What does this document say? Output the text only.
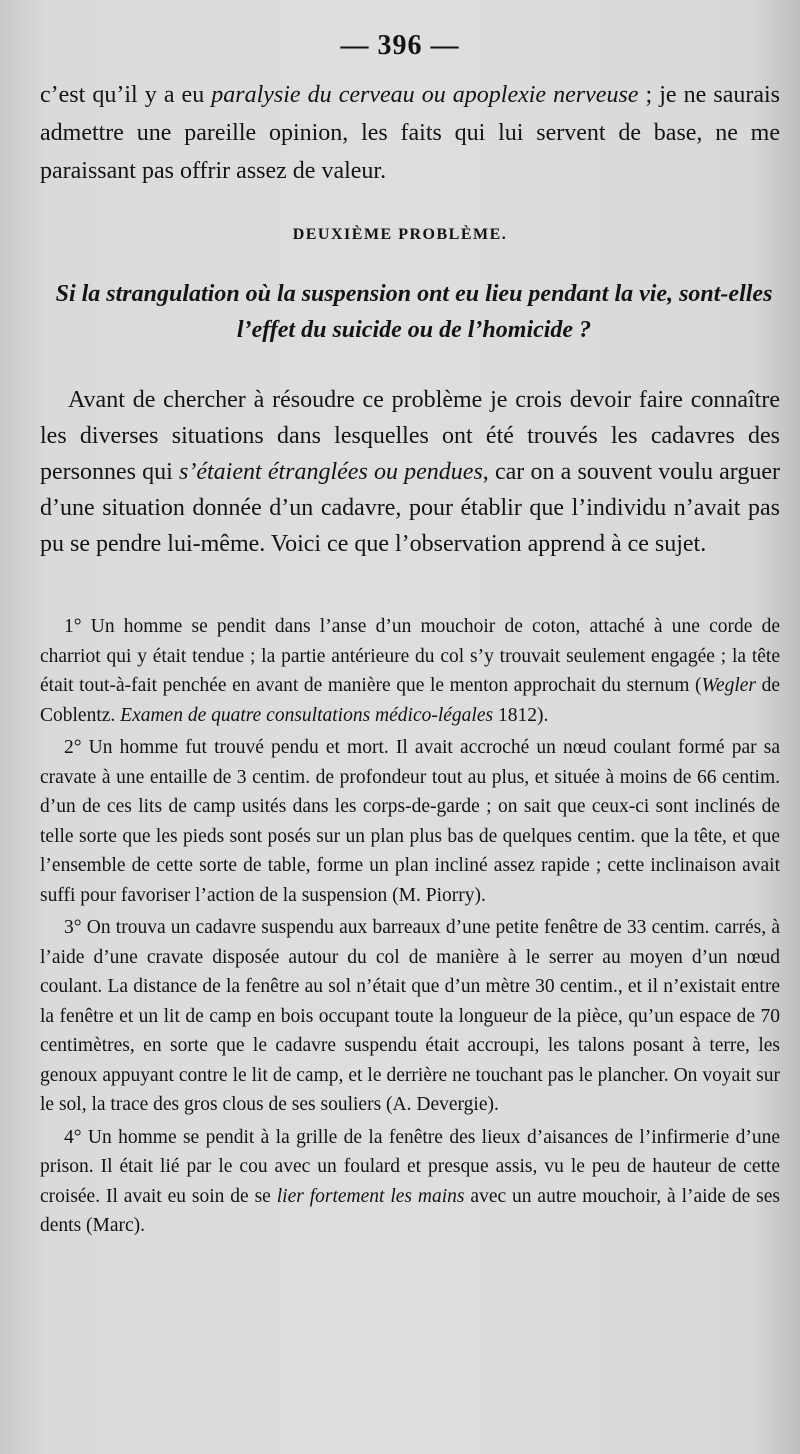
— 396 —
c’est qu’il y a eu paralysie du cerveau ou apoplexie nerveuse ; je ne saurais admettre une pareille opinion, les faits qui lui servent de base, ne me paraissant pas offrir assez de valeur.
DEUXIÈME PROBLÈME.
Si la strangulation où la suspension ont eu lieu pendant la vie, sont-elles l’effet du suicide ou de l’homicide ?

Avant de chercher à résoudre ce problème je crois devoir faire connaître les diverses situations dans lesquelles ont été trouvés les cadavres des personnes qui s’étaient étranglées ou pendues, car on a souvent voulu arguer d’une situation donnée d’un cadavre, pour établir que l’individu n’avait pas pu se pendre lui-même. Voici ce que l’observation apprend à ce sujet.

1° Un homme se pendit dans l’anse d’un mouchoir de coton, attaché à une corde de charriot qui y était tendue ; la partie antérieure du col s’y trouvait seulement engagée ; la tête était tout-à-fait penchée en avant de manière que le menton approchait du sternum (Wegler de Coblentz. Examen de quatre consultations médico-légales 1812).

2° Un homme fut trouvé pendu et mort. Il avait accroché un nœud coulant formé par sa cravate à une entaille de 3 centim. de profondeur tout au plus, et située à moins de 66 centim. d’un de ces lits de camp usités dans les corps-de-garde ; on sait que ceux-ci sont inclinés de telle sorte que les pieds sont posés sur un plan plus bas de quelques centim. que la tête, et que l’ensemble de cette sorte de table, forme un plan incliné assez rapide ; cette inclinaison avait suffi pour favoriser l’action de la suspension (M. Piorry).

3° On trouva un cadavre suspendu aux barreaux d’une petite fenêtre de 33 centim. carrés, à l’aide d’une cravate disposée autour du col de manière à le serrer au moyen d’un nœud coulant. La distance de la fenêtre au sol n’était que d’un mètre 30 centim., et il n’existait entre la fenêtre et un lit de camp en bois occupant toute la longueur de la pièce, qu’un espace de 70 centimètres, en sorte que le cadavre suspendu était accroupi, les talons posant à terre, les genoux appuyant contre le lit de camp, et le derrière ne touchant pas le plancher. On voyait sur le sol, la trace des gros clous de ses souliers (A. Devergie).

4° Un homme se pendit à la grille de la fenêtre des lieux d’aisances de l’infirmerie d’une prison. Il était lié par le cou avec un foulard et presque assis, vu le peu de hauteur de cette croisée. Il avait eu soin de se lier fortement les mains avec un autre mouchoir, à l’aide de ses dents (Marc).
